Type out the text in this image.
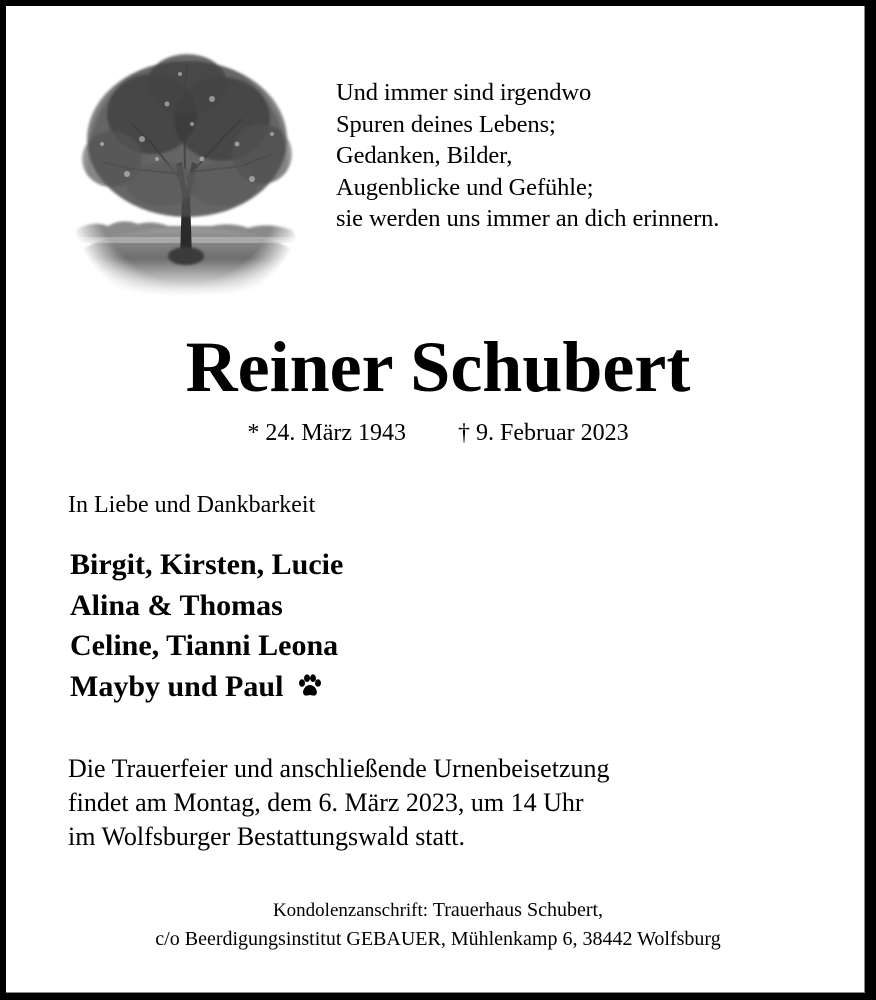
Und immer sind irgendwo
Spuren deines Lebens;
Gedanken, Bilder,
Augenblicke und Gefühle;
sie werden uns immer an dich erinnern.
Reiner Schubert
* 24. März 1943 † 9. Februar 2023
In Liebe und Dankbarkeit
Birgit, Kirsten, Lucie
Alina & Thomas
Celine, Tianni Leona
Mayby und Paul
Die Trauerfeier und anschließende Urnenbeisetzung
findet am Montag, dem 6. März 2023, um 14 Uhr
im Wolfsburger Bestattungswald statt.
Kondolenzanschrift: Trauerhaus Schubert,
c/o Beerdigungsinstitut GEBAUER, Mühlenkamp 6, 38442 Wolfsburg
